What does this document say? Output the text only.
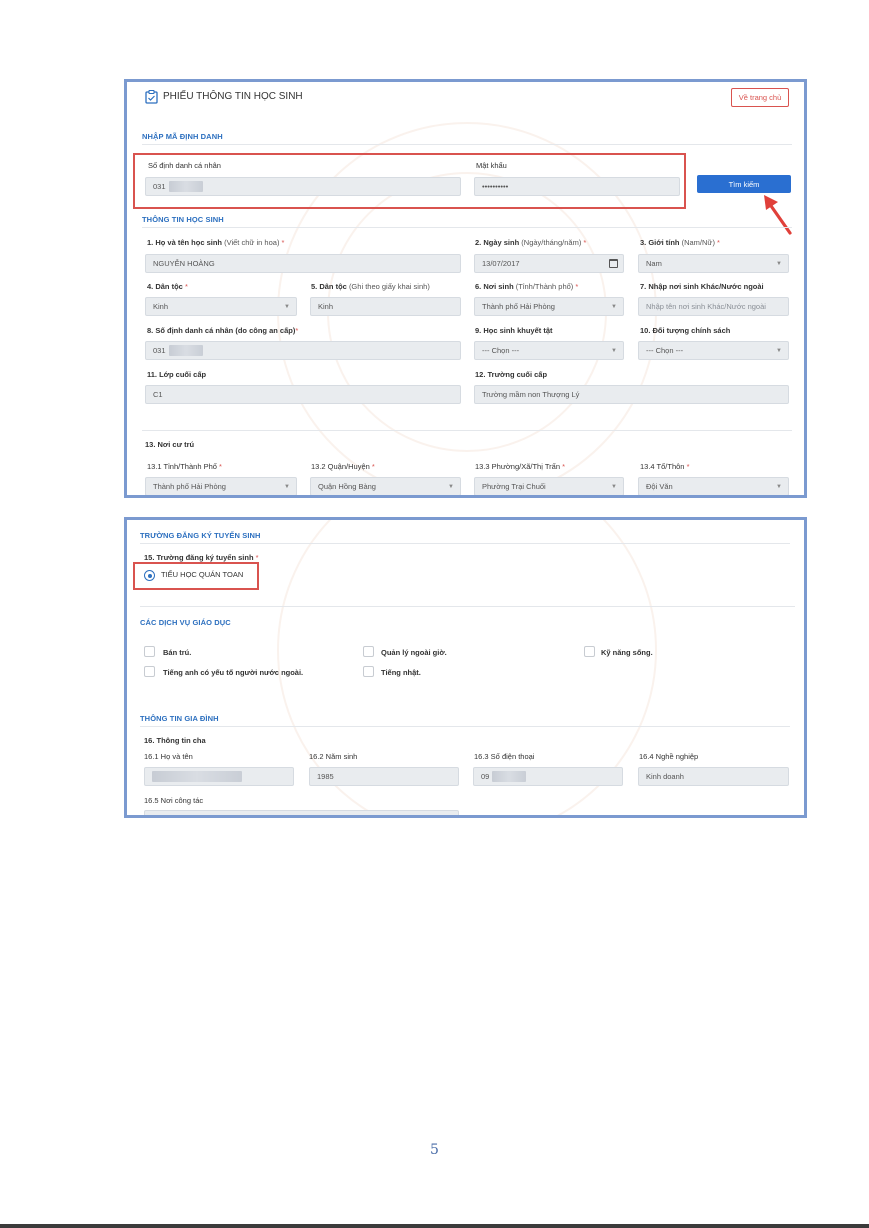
PHIẾU THÔNG TIN HỌC SINH	Về trang chủ
NHẬP MÃ ĐỊNH DANH
Số định danh cá nhân
031
Mật khẩu
••••••••••	Tìm kiếm
THÔNG TIN HỌC SINH
1. Họ và tên học sinh (Viết chữ in hoa) *
NGUYỄN HOÀNG
2. Ngày sinh (Ngày/tháng/năm) *
13/07/2017
3. Giới tính (Nam/Nữ) *
Nam	▼
4. Dân tộc *
Kinh	▼
5. Dân tộc (Ghi theo giấy khai sinh)
Kinh
6. Nơi sinh (Tỉnh/Thành phố) *
Thành phố Hải Phòng	▼
7. Nhập nơi sinh Khác/Nước ngoài
Nhập tên nơi sinh Khác/Nước ngoài
8. Số định danh cá nhân (do công an cấp)*
031
9. Học sinh khuyết tật
--- Chọn ---	▼
10. Đối tượng chính sách
--- Chọn ---	▼
11. Lớp cuối cấp
C1
12. Trường cuối cấp
Trường mầm non Thượng Lý
13. Nơi cư trú
13.1 Tỉnh/Thành Phố *
Thành phố Hải Phòng	▼
13.2 Quận/Huyện *
Quận Hồng Bàng	▼
13.3 Phường/Xã/Thị Trấn *
Phường Trại Chuối	▼
13.4 Tổ/Thôn *
Đội Văn	▼
TRƯỜNG ĐĂNG KÝ TUYỂN SINH
15. Trường đăng ký tuyển sinh *
TIỂU HỌC QUÁN TOAN
CÁC DỊCH VỤ GIÁO DỤC
Bán trú.	Quản lý ngoài giờ.	Kỹ năng sống.
Tiếng anh có yếu tố người nước ngoài.	Tiếng nhật.
THÔNG TIN GIA ĐÌNH
16. Thông tin cha
16.1 Họ và tên	16.2 Năm sinh
1985
16.3 Số điện thoại
09
16.4 Nghề nghiệp
Kinh doanh
16.5 Nơi công tác
5
